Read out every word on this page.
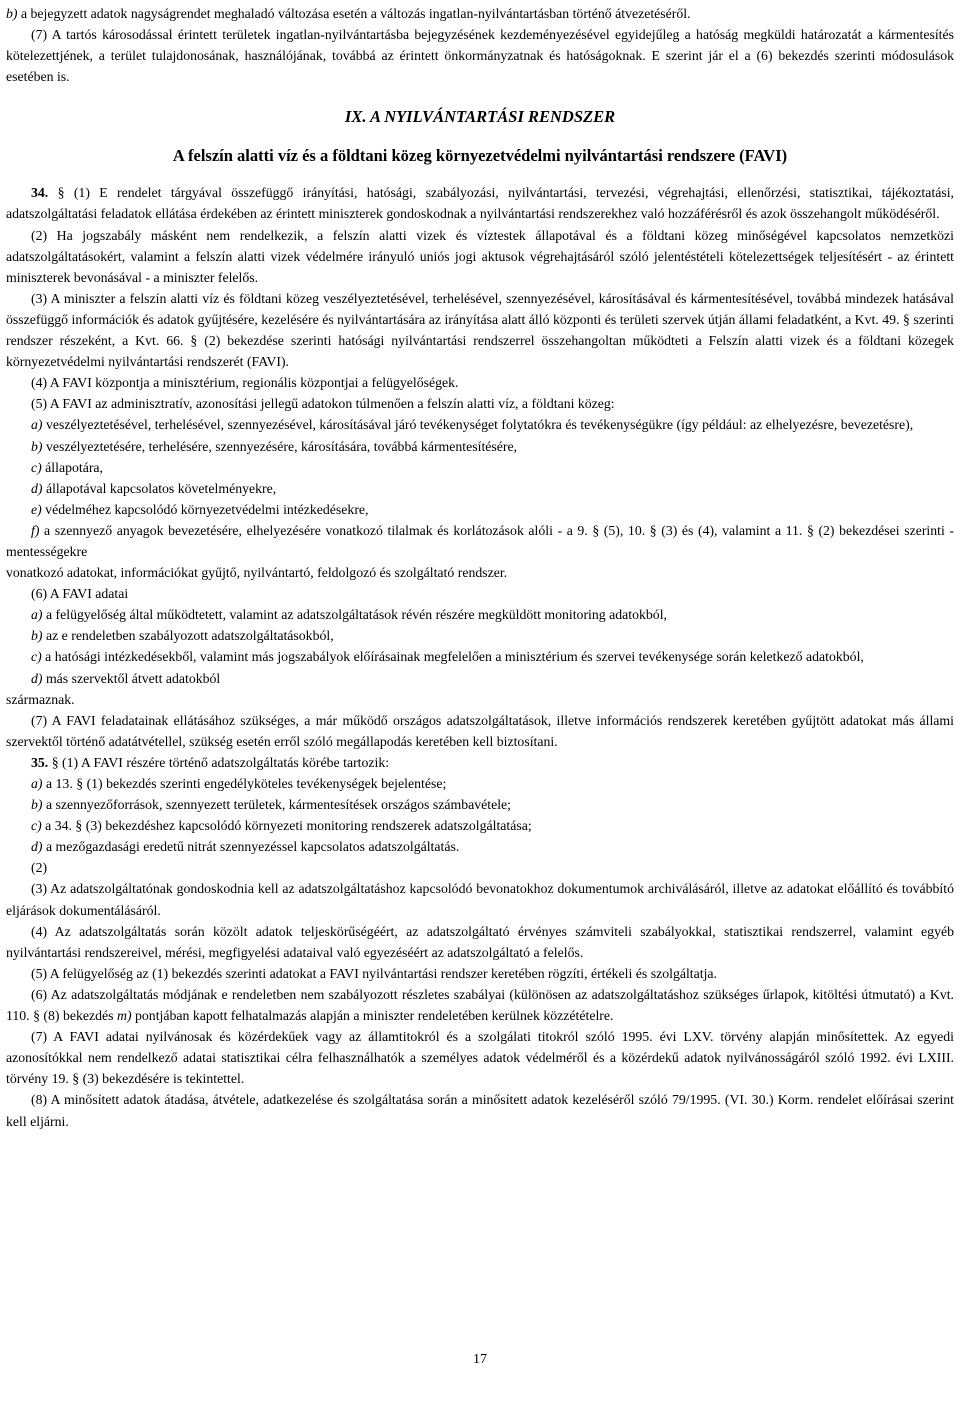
b) a bejegyzett adatok nagyságrendet meghaladó változása esetén a változás ingatlan-nyilvántartásban történő átvezetéséről.

(7) A tartós károsodással érintett területek ingatlan-nyilvántartásba bejegyzésének kezdeményezésével egyidejűleg a hatóság megküldi határozatát a kármentesítés kötelezettjének, a terület tulajdonosának, használójának, továbbá az érintett önkormányzatnak és hatóságoknak. E szerint jár el a (6) bekezdés szerinti módosulások esetében is.

IX. A NYILVÁNTARTÁSI RENDSZER
A felszín alatti víz és a földtani közeg környezetvédelmi nyilvántartási rendszere (FAVI)

34. § (1) E rendelet tárgyával összefüggő irányítási, hatósági, szabályozási, nyilvántartási, tervezési, végrehajtási, ellenőrzési, statisztikai, tájékoztatási, adatszolgáltatási feladatok ellátása érdekében az érintett miniszterek gondoskodnak a nyilvántartási rendszerekhez való hozzáférésről és azok összehangolt működéséről.

(2) Ha jogszabály másként nem rendelkezik, a felszín alatti vizek és víztestek állapotával és a földtani közeg minőségével kapcsolatos nemzetközi adatszolgáltatásokért, valamint a felszín alatti vizek védelmére irányuló uniós jogi aktusok végrehajtásáról szóló jelentéstételi kötelezettségek teljesítésért - az érintett miniszterek bevonásával - a miniszter felelős.

(3) A miniszter a felszín alatti víz és földtani közeg veszélyeztetésével, terhelésével, szennyezésével, károsításával és kármentesítésével, továbbá mindezek hatásával összefüggő információk és adatok gyűjtésére, kezelésére és nyilvántartására az irányítása alatt álló központi és területi szervek útján állami feladatként, a Kvt. 49. § szerinti rendszer részeként, a Kvt. 66. § (2) bekezdése szerinti hatósági nyilvántartási rendszerrel összehangoltan működteti a Felszín alatti vizek és a földtani közegek környezetvédelmi nyilvántartási rendszerét (FAVI).

(4) A FAVI központja a minisztérium, regionális központjai a felügyelőségek.

(5) A FAVI az adminisztratív, azonosítási jellegű adatokon túlmenően a felszín alatti víz, a földtani közeg:

a) veszélyeztetésével, terhelésével, szennyezésével, károsításával járó tevékenységet folytatókra és tevékenységükre (így például: az elhelyezésre, bevezetésre),

b) veszélyeztetésére, terhelésére, szennyezésére, károsítására, továbbá kármentesítésére,

c) állapotára,

d) állapotával kapcsolatos követelményekre,

e) védelméhez kapcsolódó környezetvédelmi intézkedésekre,

f) a szennyező anyagok bevezetésére, elhelyezésére vonatkozó tilalmak és korlátozások alóli - a 9. § (5), 10. § (3) és (4), valamint a 11. § (2) bekezdései szerinti - mentességekre

vonatkozó adatokat, információkat gyűjtő, nyilvántartó, feldolgozó és szolgáltató rendszer.

(6) A FAVI adatai

a) a felügyelőség által működtetett, valamint az adatszolgáltatások révén részére megküldött monitoring adatokból,

b) az e rendeletben szabályozott adatszolgáltatásokból,

c) a hatósági intézkedésekből, valamint más jogszabályok előírásainak megfelelően a minisztérium és szervei tevékenysége során keletkező adatokból,

d) más szervektől átvett adatokból

származnak.

(7) A FAVI feladatainak ellátásához szükséges, a már működő országos adatszolgáltatások, illetve információs rendszerek keretében gyűjtött adatokat más állami szervektől történő adatátvétellel, szükség esetén erről szóló megállapodás keretében kell biztosítani.

35. § (1) A FAVI részére történő adatszolgáltatás körébe tartozik:

a) a 13. § (1) bekezdés szerinti engedélyköteles tevékenységek bejelentése;

b) a szennyezőforrások, szennyezett területek, kármentesítések országos számbavétele;

c) a 34. § (3) bekezdéshez kapcsolódó környezeti monitoring rendszerek adatszolgáltatása;

d) a mezőgazdasági eredetű nitrát szennyezéssel kapcsolatos adatszolgáltatás.

(2)

(3) Az adatszolgáltatónak gondoskodnia kell az adatszolgáltatáshoz kapcsolódó bevonatokhoz dokumentumok archiválásáról, illetve az adatokat előállító és továbbító eljárások dokumentálásáról.

(4) Az adatszolgáltatás során közölt adatok teljeskörűségéért, az adatszolgáltató érvényes számviteli szabályokkal, statisztikai rendszerrel, valamint egyéb nyilvántartási rendszereivel, mérési, megfigyelési adataival való egyezéséért az adatszolgáltató a felelős.

(5) A felügyelőség az (1) bekezdés szerinti adatokat a FAVI nyilvántartási rendszer keretében rögzíti, értékeli és szolgáltatja.

(6) Az adatszolgáltatás módjának e rendeletben nem szabályozott részletes szabályai (különösen az adatszolgáltatáshoz szükséges űrlapok, kitöltési útmutató) a Kvt. 110. § (8) bekezdés m) pontjában kapott felhatalmazás alapján a miniszter rendeletében kerülnek közzétételre.

(7) A FAVI adatai nyilvánosak és közérdekűek vagy az államtitokról és a szolgálati titokról szóló 1995. évi LXV. törvény alapján minősítettek. Az egyedi azonosítókkal nem rendelkező adatai statisztikai célra felhasználhatók a személyes adatok védelméről és a közérdekű adatok nyilvánosságáról szóló 1992. évi LXIII. törvény 19. § (3) bekezdésére is tekintettel.

(8) A minősített adatok átadása, átvétele, adatkezelése és szolgáltatása során a minősített adatok kezeléséről szóló 79/1995. (VI. 30.) Korm. rendelet előírásai szerint kell eljárni.

17
